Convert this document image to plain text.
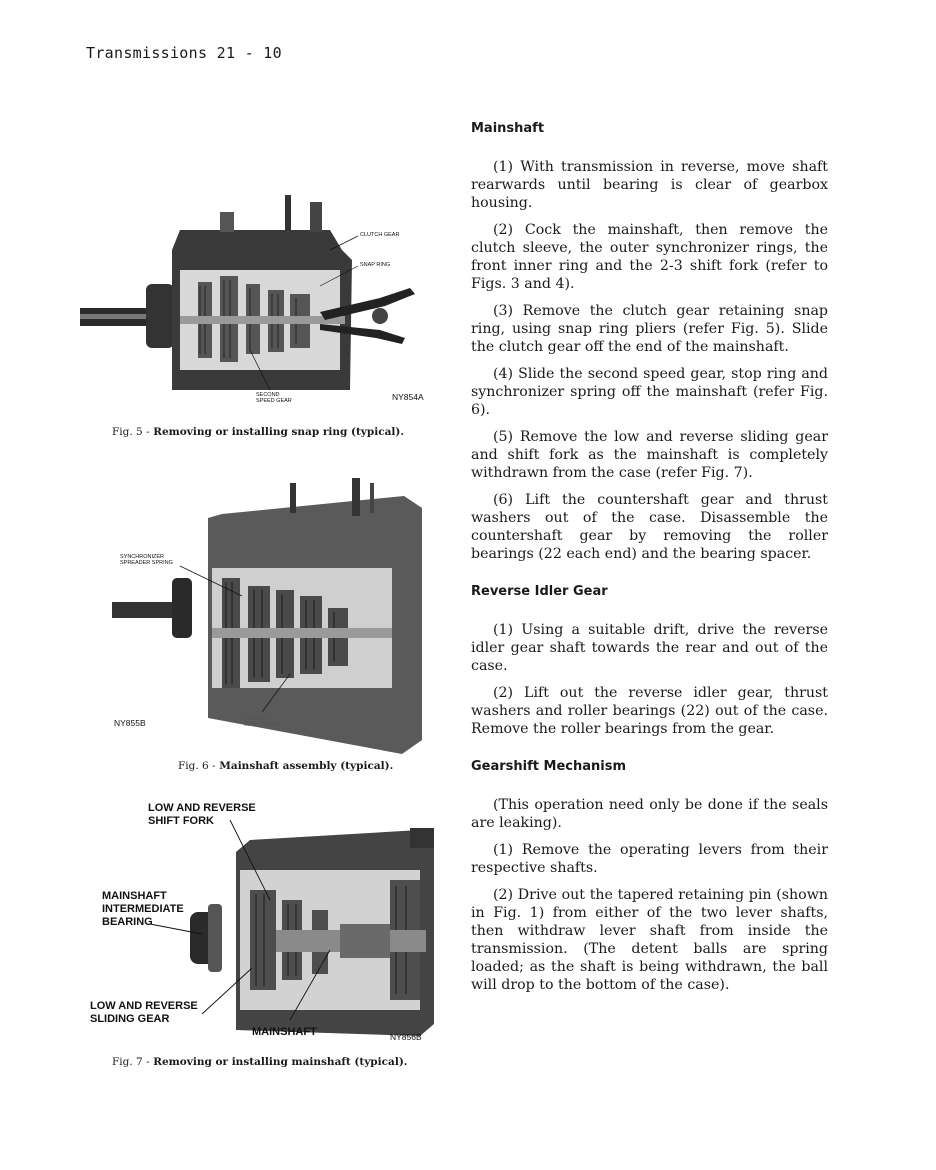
Transmissions 21 - 10
CLUTCH GEAR
SNAP RING
SECOND SPEED GEAR	NY854A
Fig. 5 - Removing or installing snap ring (typical).
SYNCHRONIZER SPREADER SPRING
SECOND SPEED GEAR
NY855B
Fig. 6 - Mainshaft assembly (typical).
LOW AND REVERSE SHIFT FORK
MAINSHAFT INTERMEDIATE BEARING
LOW AND REVERSE SLIDING GEAR
MAINSHAFT	NY856B
Fig. 7 - Removing or installing mainshaft (typical).
Mainshaft

(1) With transmission in reverse, move shaft rearwards until bearing is clear of gearbox housing.

(2) Cock the mainshaft, then remove the clutch sleeve, the outer synchronizer rings, the front inner ring and the 2-3 shift fork (refer to Figs. 3 and 4).

(3) Remove the clutch gear retaining snap ring, using snap ring pliers (refer Fig. 5). Slide the clutch gear off the end of the mainshaft.

(4) Slide the second speed gear, stop ring and synchronizer spring off the mainshaft (refer Fig. 6).

(5) Remove the low and reverse sliding gear and shift fork as the mainshaft is completely withdrawn from the case (refer Fig. 7).

(6) Lift the countershaft gear and thrust washers out of the case. Disassemble the countershaft gear by removing the roller bearings (22 each end) and the bearing spacer.

Reverse Idler Gear

(1) Using a suitable drift, drive the reverse idler gear shaft towards the rear and out of the case.

(2) Lift out the reverse idler gear, thrust washers and roller bearings (22) out of the case. Remove the roller bearings from the gear.

Gearshift Mechanism

(This operation need only be done if the seals are leaking).

(1) Remove the operating levers from their respective shafts.

(2) Drive out the tapered retaining pin (shown in Fig. 1) from either of the two lever shafts, then withdraw lever shaft from inside the transmission. (The detent balls are spring loaded; as the shaft is being withdrawn, the ball will drop to the bottom of the case).
